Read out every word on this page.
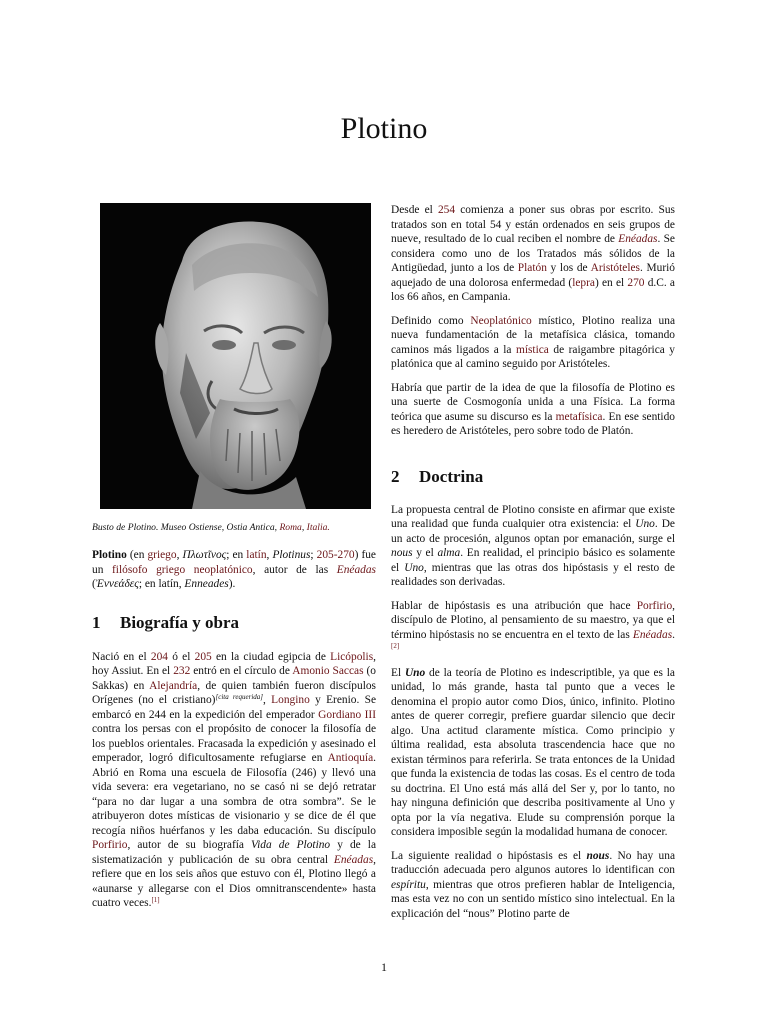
Plotino

Busto de Plotino. Museo Ostiense, Ostia Antica, Roma, Italia.

Plotino (en griego, Πλωτῖνος; en latín, Plotinus; 205-270) fue un filósofo griego neoplatónico, autor de las Enéadas (Ἐννεάδες; en latín, Enneades).

1 Biografía y obra

Nació en el 204 ó el 205 en la ciudad egipcia de Licópolis, hoy Assiut. En el 232 entró en el círculo de Amonio Saccas (o Sakkas) en Alejandría, de quien también fueron discípulos Orígenes (no el cristiano)[cita requerida], Longino y Erenio. Se embarcó en 244 en la expedición del emperador Gordiano III contra los persas con el propósito de conocer la filosofía de los pueblos orientales. Fracasada la expedición y asesinado el emperador, logró dificultosamente refugiarse en Antioquía. Abrió en Roma una escuela de Filosofía (246) y llevó una vida severa: era vegetariano, no se casó ni se dejó retratar “para no dar lugar a una sombra de otra sombra”. Se le atribuyeron dotes místicas de visionario y se dice de él que recogía niños huérfanos y les daba educación. Su discípulo Porfirio, autor de su biografía Vida de Plotino y de la sistematización y publicación de su obra central Enéadas, refiere que en los seis años que estuvo con él, Plotino llegó a «aunarse y allegarse con el Dios omnitranscendente» hasta cuatro veces.[1]

Desde el 254 comienza a poner sus obras por escrito. Sus tratados son en total 54 y están ordenados en seis grupos de nueve, resultado de lo cual reciben el nombre de Enéadas. Se considera como uno de los Tratados más sólidos de la Antigüedad, junto a los de Platón y los de Aristóteles. Murió aquejado de una dolorosa enfermedad (lepra) en el 270 d.C. a los 66 años, en Campania.

Definido como Neoplatónico místico, Plotino realiza una nueva fundamentación de la metafísica clásica, tomando caminos más ligados a la mística de raigambre pitagórica y platónica que al camino seguido por Aristóteles.

Habría que partir de la idea de que la filosofía de Plotino es una suerte de Cosmogonía unida a una Física. La forma teórica que asume su discurso es la metafísica. En ese sentido es heredero de Aristóteles, pero sobre todo de Platón.

2 Doctrina

La propuesta central de Plotino consiste en afirmar que existe una realidad que funda cualquier otra existencia: el Uno. De un acto de procesión, algunos optan por emanación, surge el nous y el alma. En realidad, el principio básico es solamente el Uno, mientras que las otras dos hipóstasis y el resto de realidades son derivadas.

Hablar de hipóstasis es una atribución que hace Porfirio, discípulo de Plotino, al pensamiento de su maestro, ya que el término hipóstasis no se encuentra en el texto de las Enéadas.[2]

El Uno de la teoría de Plotino es indescriptible, ya que es la unidad, lo más grande, hasta tal punto que a veces le denomina el propio autor como Dios, único, infinito. Plotino antes de querer corregir, prefiere guardar silencio que decir algo. Una actitud claramente mística. Como principio y última realidad, esta absoluta trascendencia hace que no existan términos para referirla. Se trata entonces de la Unidad que funda la existencia de todas las cosas. Es el centro de toda su doctrina. El Uno está más allá del Ser y, por lo tanto, no hay ninguna definición que describa positivamente al Uno y opta por la vía negativa. Elude su comprensión porque la considera imposible según la modalidad humana de conocer.

La siguiente realidad o hipóstasis es el nous. No hay una traducción adecuada pero algunos autores lo identifican con espíritu, mientras que otros prefieren hablar de Inteligencia, mas esta vez no con un sentido místico sino intelectual. En la explicación del “nous” Plotino parte de

1
